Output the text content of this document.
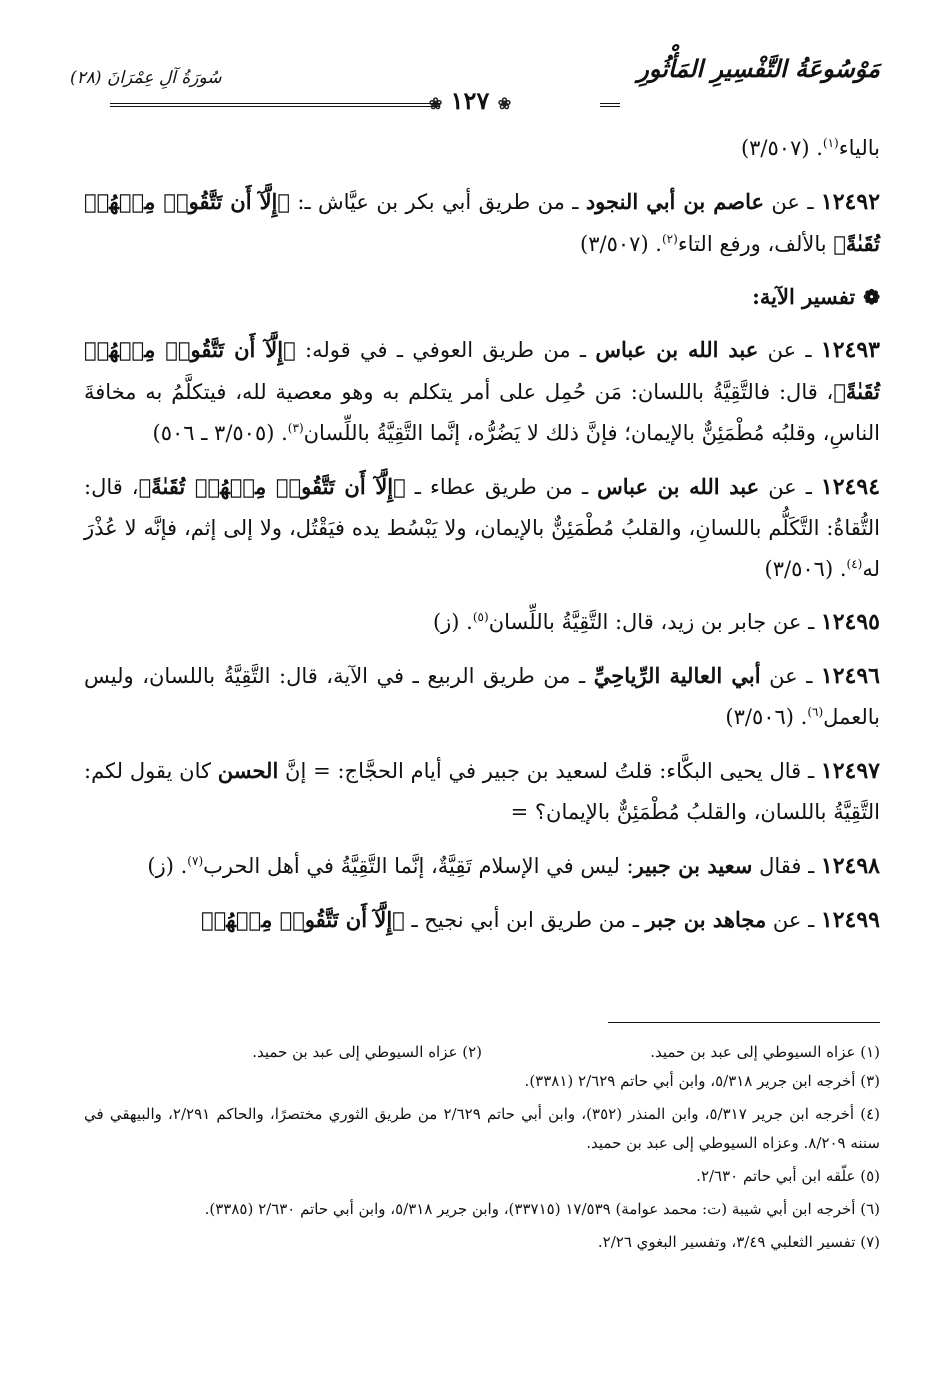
مَوْسُوعَةُ التَّفْسِيرِ المَأْثُورِ
سُورَةُ آلِ عِمْرَانَ (٢٨)
❀ ١٢٧ ❀

بالياء$^{(١)}$. (٣/٥٠٧)

١٢٤٩٢ ـ عن عاصم بن أبي النجود ـ من طريق أبي بكر بن عيَّاش ـ: ﴿إِلَّآ أَن تَتَّقُوا۟ مِنۡهُمۡ تُقَىٰةً﴾ بالألف، ورفع التاء$^{(٢)}$. (٣/٥٠٧)

❁تفسير الآية:

١٢٤٩٣ ـ عن عبد الله بن عباس ـ من طريق العوفي ـ في قوله: ﴿إِلَّآ أَن تَتَّقُوا۟ مِنۡهُمۡ تُقَىٰةً﴾، قال: فالتَّقِيَّةُ باللسان: مَن حُمِل على أمر يتكلم به وهو معصية لله، فيتكلَّمُ به مخافةَ الناسِ، وقلبُه مُطْمَئِنٌّ بالإيمان؛ فإنَّ ذلك لا يَضُرُّه، إنَّما التَّقِيَّةُ باللِّسان$^{(٣)}$. (٣/٥٠٥ ـ ٥٠٦)

١٢٤٩٤ ـ عن عبد الله بن عباس ـ من طريق عطاء ـ ﴿إِلَّآ أَن تَتَّقُوا۟ مِنۡهُمۡ تُقَىٰةً﴾، قال: التُّقاةُ: التَّكَلُّم باللسانِ، والقلبُ مُطْمَئِنٌّ بالإيمان، ولا يَبْسُط يده فيَقْتُل، ولا إلى إثم، فإنَّه لا عُذْرَ له$^{(٤)}$. (٣/٥٠٦)

١٢٤٩٥ ـ عن جابر بن زيد، قال: التَّقِيَّةُ باللِّسان$^{(٥)}$. (ز)

١٢٤٩٦ ـ عن أبي العالية الرِّياحِيِّ ـ من طريق الربيع ـ في الآية، قال: التَّقِيَّةُ باللسان، وليس بالعمل$^{(٦)}$. (٣/٥٠٦)

١٢٤٩٧ ـ قال يحيى البكَّاء: قلتُ لسعيد بن جبير في أيام الحجَّاج: = إنَّ الحسن كان يقول لكم: التَّقِيَّةُ باللسان، والقلبُ مُطْمَئِنٌّ بالإيمان؟ =

١٢٤٩٨ ـ فقال سعيد بن جبير: ليس في الإسلام تَقِيَّةٌ، إنَّما التَّقِيَّةُ في أهل الحرب$^{(٧)}$. (ز)

١٢٤٩٩ ـ عن مجاهد بن جبر ـ من طريق ابن أبي نجيح ـ ﴿إِلَّآ أَن تَتَّقُوا۟ مِنۡهُمۡ

(١) عزاه السيوطي إلى عبد بن حميد.
(٢) عزاه السيوطي إلى عبد بن حميد.

(٣) أخرجه ابن جرير ٥/٣١٨، وابن أبي حاتم ٢/٦٢٩ (٣٣٨١).

(٤) أخرجه ابن جرير ٥/٣١٧، وابن المنذر (٣٥٢)، وابن أبي حاتم ٢/٦٢٩ من طريق الثوري مختصرًا، والحاكم ٢/٢٩١، والبيهقي في سننه ٨/٢٠٩. وعزاه السيوطي إلى عبد بن حميد.

(٥) علّقه ابن أبي حاتم ٢/٦٣٠.

(٦) أخرجه ابن أبي شيبة (ت: محمد عوامة) ١٧/٥٣٩ (٣٣٧١٥)، وابن جرير ٥/٣١٨، وابن أبي حاتم ٢/٦٣٠ (٣٣٨٥).

(٧) تفسير الثعلبي ٣/٤٩، وتفسير البغوي ٢/٢٦.
